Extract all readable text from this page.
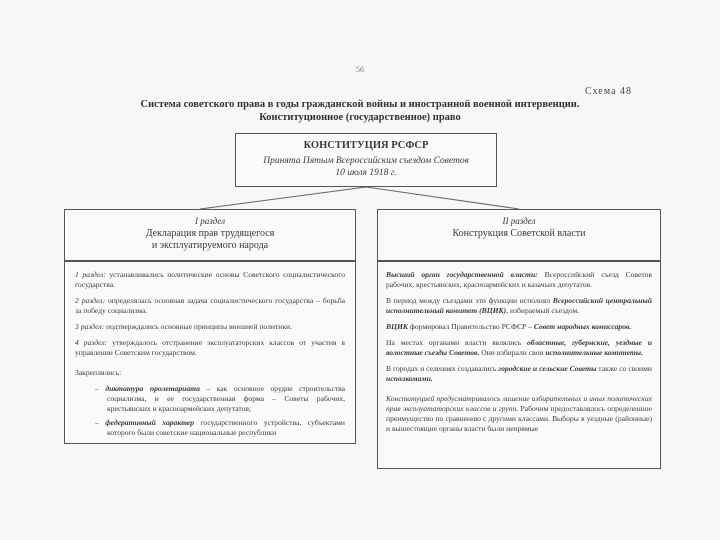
56
Схема 48
Система советского права в годы гражданской войны и иностранной военной интервенции.
Конституционное (государственное) право
КОНСТИТУЦИЯ РСФСР
Принята Пятым Всероссийским съездом Советов
10 июля 1918 г.
I раздел
Декларация прав трудящегося
и эксплуатируемого народа
II раздел
Конструкция Советской власти

1 раздел: устанавливались политические основы Советского социалистического государства.

2 раздел: определялась основная задача социалистического государства – борьба за победу социализма.

3 раздел: подтверждались основные принципы внешней политики.

4 раздел: утверждалось отстранение эксплуататорских классов от участия в управлении Советским государством.

Закреплялись:

– диктатура пролетариата – как основное орудие строительства социализма, и ее государственная форма – Советы рабочих, крестьянских и красноармейских депутатов;

– федеративный характер государственного устройства, субъектами которого были советские национальные республики

Высший орган государственной власти: Всероссийский съезд Советов рабочих, крестьянских, красноармейских и казачьих депутатов.

В период между съездами эти функции исполнял Всероссийский центральный исполнительный комитет (ВЦИК), избираемый съездом.

ВЦИК формировал Правительство РСФСР – Совет народных комиссаров.

На местах органами власти являлись областные, губернские, уездные и волостные съезды Советов. Они избирали свои исполнительные комитеты.

В городах и селениях создавались городские и сельские Советы также со своими исполкомами.

Конституцией предусматривалось лишение избирательных и иных политических прав эксплуататорских классов и групп. Рабочим предоставлялось определенное преимущество по сравнению с другими классами. Выборы в уездные (районные) и вышестоящие органы власти были непрямые
